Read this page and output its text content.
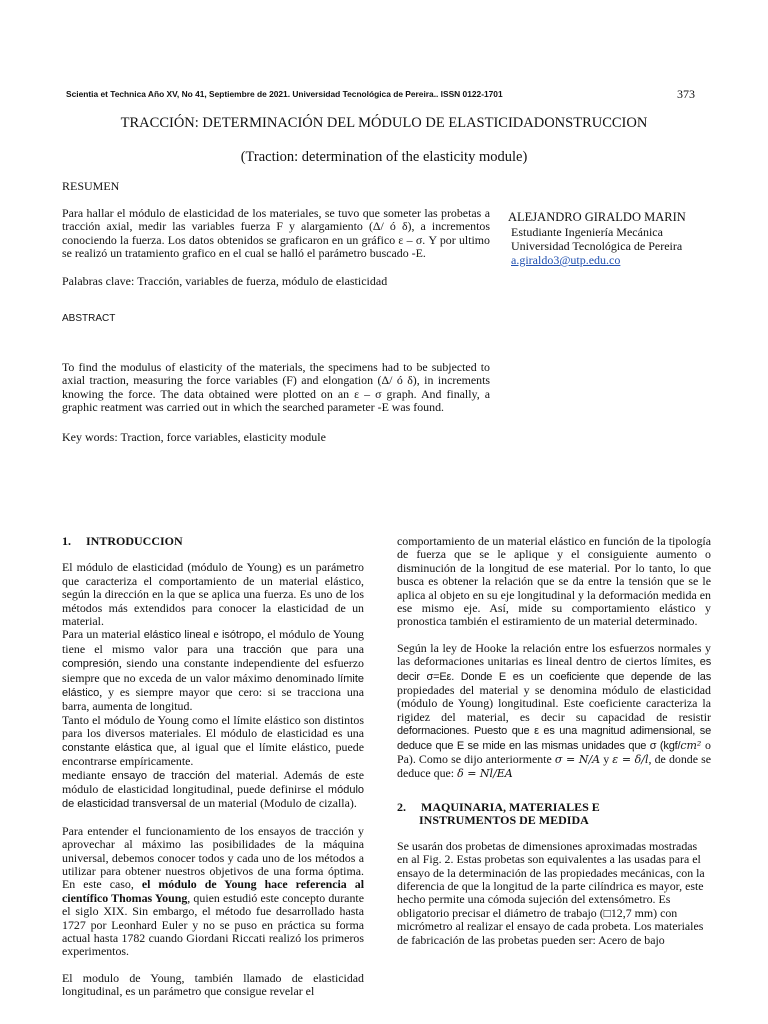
Scientia et Technica Año XV, No 41, Septiembre de 2021. Universidad Tecnológica de Pereira.. ISSN 0122-1701	373
TRACCIÓN: DETERMINACIÓN DEL MÓDULO DE ELASTICIDADONSTRUCCION
(Traction: determination of the elasticity module)
RESUMEN
Para hallar el módulo de elasticidad de los materiales, se tuvo que someter las probetas a tracción axial, medir las variables fuerza F y alargamiento (Δ/ ó δ), a incrementos conociendo la fuerza. Los datos obtenidos se graficaron en un gráfico ε – σ. Y por ultimo se realizó un tratamiento grafico en el cual se halló el parámetro buscado -E.
Palabras clave: Tracción, variables de fuerza, módulo de elasticidad
ABSTRACT
To find the modulus of elasticity of the materials, the specimens had to be subjected to axial traction, measuring the force variables (F) and elongation (Δ/ ó δ), in increments knowing the force. The data obtained were plotted on an ε – σ graph. And finally, a graphic reatment was carried out in which the searched parameter -E was found.
Key words: Traction, force variables, elasticity module
ALEJANDRO GIRALDO MARIN
Estudiante Ingeniería Mecánica
Universidad Tecnológica de Pereira
a.giraldo3@utp.edu.co
1.     INTRODUCCION

El módulo de elasticidad (módulo de Young) es un parámetro que caracteriza el comportamiento de un material elástico, según la dirección en la que se aplica una fuerza. Es uno de los métodos más extendidos para conocer la elasticidad de un material.

Para un material elástico lineal e isótropo, el módulo de Young tiene el mismo valor para una tracción que para una compresión, siendo una constante independiente del esfuerzo siempre que no exceda de un valor máximo denominado límite elástico, y es siempre mayor que cero: si se tracciona una barra, aumenta de longitud.

Tanto el módulo de Young como el límite elástico son distintos para los diversos materiales. El módulo de elasticidad es una constante elástica que, al igual que el límite elástico, puede encontrarse empíricamente.

mediante ensayo de tracción del material. Además de este módulo de elasticidad longitudinal, puede definirse el módulo de elasticidad transversal de un material (Modulo de cizalla).

Para entender el funcionamiento de los ensayos de tracción y aprovechar al máximo las posibilidades de la máquina universal, debemos conocer todos y cada uno de los métodos a utilizar para obtener nuestros objetivos de una forma óptima. En este caso, el módulo de Young hace referencia al científico Thomas Young, quien estudió este concepto durante el siglo XIX. Sin embargo, el método fue desarrollado hasta 1727 por Leonhard Euler y no se puso en práctica su forma actual hasta 1782 cuando Giordani Riccati realizó los primeros experimentos.

El modulo de Young, también llamado de elasticidad longitudinal, es un parámetro que consigue revelar el

comportamiento de un material elástico en función de la tipología de fuerza que se le aplique y el consiguiente aumento o disminución de la longitud de ese material. Por lo tanto, lo que busca es obtener la relación que se da entre la tensión que se le aplica al objeto en su eje longitudinal y la deformación medida en ese mismo eje. Así, mide su comportamiento elástico y pronostica también el estiramiento de un material determinado.

Según la ley de Hooke la relación entre los esfuerzos normales y las deformaciones unitarias es lineal dentro de ciertos límites, es decir σ=Eε. Donde E es un coeficiente que depende de las propiedades del material y se denomina módulo de elasticidad (módulo de Young) longitudinal. Este coeficiente caracteriza la rigidez del material, es decir su capacidad de resistir deformaciones. Puesto que ε es una magnitud adimensional, se deduce que E se mide en las mismas unidades que σ (kgf/cm² o Pa). Como se dijo anteriormente σ = N/A y ε = δ/l, de donde se deduce que: δ = Nl/EA

2.     MAQUINARIA, MATERIALES E
INSTRUMENTOS DE MEDIDA

Se usarán dos probetas de dimensiones aproximadas mostradas en al Fig. 2. Estas probetas son equivalentes a las usadas para el ensayo de la determinación de las propiedades mecánicas, con la diferencia de que la longitud de la parte cilíndrica es mayor, este hecho permite una cómoda sujeción del extensómetro. Es obligatorio precisar el diámetro de trabajo (□12,7 mm) con micrómetro al realizar el ensayo de cada probeta. Los materiales de fabricación de las probetas pueden ser: Acero de bajo
